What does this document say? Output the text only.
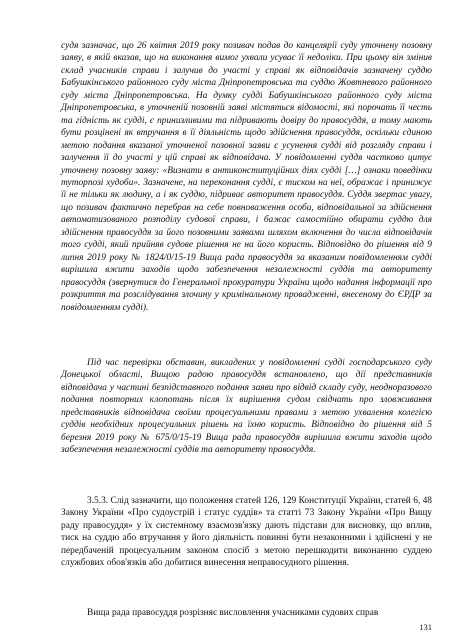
судя зазначає, що 26 квітня 2019 року позивач подав до канцелярії суду уточнену позовну заяву, в якій вказав, що на виконання вимог ухвали усуває її недоліки. При цьому він змінив склад учасників справи і залучив до участі у справі як відповідачів зазначену суддю Бабушкінського районного суду міста Дніпропетровська та суддю Жовтневого районного суду міста Дніпропетровська. На думку судді Бабушкінського районного суду міста Дніпропетровська, в уточненій позовній заяві містяться відомості, які порочать її честь та гідність як судді, є принизливими та підривають довіру до правосуддя, а тому мають бути розцінені як втручання в її діяльність щодо здійснення правосуддя, оскільки єдиною метою подання вказаної уточненої позовної заяви є усунення судді від розгляду справи і залучення її до участі у цій справі як відповідача. У повідомленні суддя частково цитує уточнену позовну заяву: «Визнати в антиконституційних діях судді […] ознаки поведінки туторпозі худоби». Зазначене, на переконання судді, є тиском на неї, ображає і принижує її не тільки як людину, а і як суддю, підриває авторитет правосуддя. Суддя звертає увагу, що позивач фактично перебрав на себе повноваження особи, відповідальної за здійснення автоматизованого розподілу судової справи, і бажає самостійно обирати суддю для здійснення правосуддя за його позовними заявами шляхом включення до числа відповідачів того судді, який прийняв судове рішення не на його користь. Відповідно до рішення від 9 липня 2019 року № 1824/0/15-19 Вища рада правосуддя за вказаним повідомленням судді вирішила вжити заходів щодо забезпечення незалежності суддів та авторитету правосуддя (звернутися до Генеральної прокуратури України щодо надання інформації про розкриття та розслідування злочину у кримінальному провадженні, внесеному до ЄРДР за повідомленням судді).

Під час перевірки обставин, викладених у повідомленні судді господарського суду Донецької області, Вищою радою правосуддя встановлено, що дії представників відповідача у частині безпідставного подання заяви про відвід складу суду, неодноразового подання повторних клопотань після їх вирішення судом свідчать про зловживання представників відповідача своїми процесуальними правами з метою ухвалення колегією суддів необхідних процесуальних рішень на їхню користь. Відповідно до рішення від 5 березня 2019 року № 675/0/15-19 Вища рада правосуддя вирішила вжити заходів щодо забезпечення незалежності суддів та авторитету правосуддя.

3.5.3. Слід зазначити, що положення статей 126, 129 Конституції України, статей 6, 48 Закону України «Про судоустрій і статус суддів» та статті 73 Закону України «Про Вищу раду правосуддя» у їх системному взаємозв'язку дають підстави для висновку, що вплив, тиск на суддю або втручання у його діяльність повинні бути незаконними і здійснені у не передбаченій процесуальним законом спосіб з метою перешкодити виконанню суддею службових обов'язків або добитися винесення неправосудного рішення.

Вища рада правосуддя розрізняє висловлення учасниками судових справ

131
